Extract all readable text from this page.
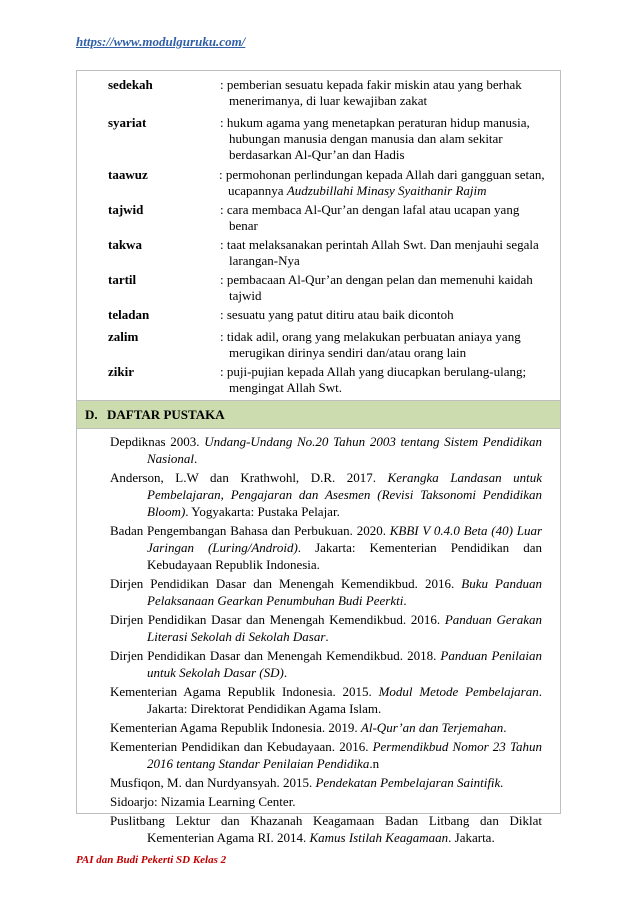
https://www.modulguruku.com/
sedekah	: pemberian sesuatu kepada fakir miskin atau yang berhak
menerimanya, di luar kewajiban zakat
syariat	: hukum agama yang menetapkan peraturan hidup manusia,
hubungan manusia dengan manusia dan alam sekitar
berdasarkan Al-Qur’an dan Hadis
taawuz	: permohonan perlindungan kepada Allah dari gangguan setan,
ucapannya Audzubillahi Minasy Syaithanir Rajim
tajwid	: cara membaca Al-Qur’an dengan lafal atau ucapan yang
benar
takwa	: taat melaksanakan perintah Allah Swt. Dan menjauhi segala
larangan-Nya
tartil	: pembacaan Al-Qur’an dengan pelan dan memenuhi kaidah
tajwid
teladan	: sesuatu yang patut ditiru atau baik dicontoh
zalim	: tidak adil, orang yang melakukan perbuatan aniaya yang
merugikan dirinya sendiri dan/atau orang lain
zikir	: puji-pujian kepada Allah yang diucapkan berulang-ulang;
mengingat Allah Swt.
D. DAFTAR PUSTAKA
Depdiknas 2003. Undang-Undang No.20 Tahun 2003 tentang Sistem Pendidikan Nasional.
Anderson, L.W dan Krathwohl, D.R. 2017. Kerangka Landasan untuk Pembelajaran, Pengajaran dan Asesmen (Revisi Taksonomi Pendidikan Bloom). Yogyakarta: Pustaka Pelajar.
Badan Pengembangan Bahasa dan Perbukuan. 2020. KBBI V 0.4.0 Beta (40) Luar Jaringan (Luring/Android). Jakarta: Kementerian Pendidikan dan Kebudayaan Republik Indonesia.
Dirjen Pendidikan Dasar dan Menengah Kemendikbud. 2016. Buku Panduan Pelaksanaan Gearkan Penumbuhan Budi Peerkti.
Dirjen Pendidikan Dasar dan Menengah Kemendikbud. 2016. Panduan Gerakan Literasi Sekolah di Sekolah Dasar.
Dirjen Pendidikan Dasar dan Menengah Kemendikbud. 2018. Panduan Penilaian untuk Sekolah Dasar (SD).
Kementerian Agama Republik Indonesia. 2015. Modul Metode Pembelajaran. Jakarta: Direktorat Pendidikan Agama Islam.
Kementerian Agama Republik Indonesia. 2019. Al-Qur’an dan Terjemahan.
Kementerian Pendidikan dan Kebudayaan. 2016. Permendikbud Nomor 23 Tahun 2016 tentang Standar Penilaian Pendidika.n
Musfiqon, M. dan Nurdyansyah. 2015. Pendekatan Pembelajaran Saintifik.
Sidoarjo: Nizamia Learning Center.
Puslitbang Lektur dan Khazanah Keagamaan Badan Litbang dan Diklat Kementerian Agama RI. 2014. Kamus Istilah Keagamaan. Jakarta.
PAI dan Budi Pekerti SD Kelas 2
